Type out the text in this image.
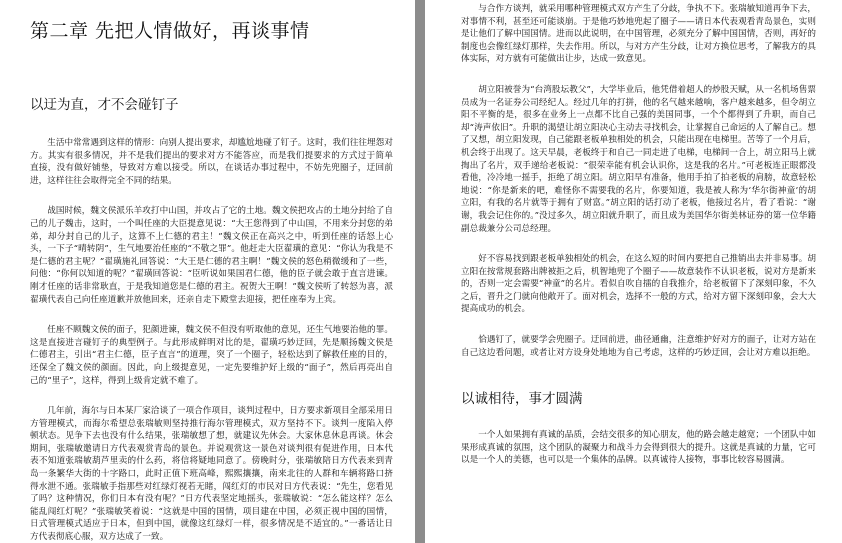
第二章 先把人情做好，再谈事情
以迂为直，才不会碰钉子

生活中常常遇到这样的情形：向别人提出要求，却尴尬地碰了钉子。这时，我们往往埋怨对方。其实有很多情况，并不是我们提出的要求对方不能答应，而是我们提要求的方式过于简单直接，没有做好铺垫，导致对方难以接受。所以，在谈话办事过程中，不妨先兜圈子，迂回前进，这样往往会取得完全不同的结果。

战国时候，魏文侯派乐羊攻打中山国，并攻占了它的土地。魏文侯把攻占的土地分封给了自己的儿子魏击，这时，一个叫任座的大臣提意见说：“大王您得到了中山国，不用来分封您的弟弟，却分封自己的儿子，这算不上仁德的君主！”魏文侯正在高兴之中，听到任座的话怒上心头，一下子“晴转阴”，生气地要治任座的“不敬之罪”。他赶走大臣翟璜的意见：“你认为我是不是仁德的君主呢？”翟璜施礼回答说：“大王是仁德的君主啊！”魏文侯的怒色稍微缓和了一些，问他：“你何以知道的呢？”翟璜回答说：“臣听说如果国君仁德，他的臣子就会敢于直言进谏。刚才任座的话非常耿直，于是我知道您是仁德的君主。祝贺大王啊！”魏文侯听了转怒为喜，派翟璜代表自己向任座道歉并放他回来，还亲自走下殿堂去迎接，把任座奉为上宾。

任座不顾魏文侯的面子，犯颜进谏，魏文侯不但没有听取他的意见，还生气地要治他的罪。这是直接进言碰钉子的典型例子。与此形成鲜明对比的是，翟璜巧妙迂回，先是顺扬魏文侯是仁德君主，引出“君主仁德，臣子直言”的道理，突了一个圈子，轻松达到了解救任座的目的，还保全了魏文侯的颜面。因此，向上级提意见，一定先要维护好上级的“面子”，然后再亮出自己的“里子”，这样，得到上级肯定就不难了。

几年前，海尔与日本某厂家洽谈了一项合作项目，谈判过程中，日方要求新项目全部采用日方管理模式，而海尔希望总张瑞敏则坚持推行海尔管理模式，双方坚持不下。谈判一度陷入停顿状态。见争下去也没有什么结果，张瑞敏想了想，就建议先休会。大家休息休息再谈。休会期间，张瑞敏邀请日方代表观赏青岛的景色。并说观赏这一景色对谈判很有促进作用，日本代表不知道张瑞敏葫芦里卖的什么药，将信将疑地同意了。傍晚时分，张瑞敏陪日方代表来到青岛一条繁华大街的十字路口，此时正值下班高峰，熙熙攘攘，南来北往的人群和车辆将路口挤得水泄不通。张瑞敏手指那些对红绿灯视若无睹，闯红灯的市民对日方代表说：“先生，您看见了吗？这种情况，你们日本有没有呢？”日方代表坚定地摇头，张瑞敏说：“怎么能这样？怎么能乱闯红灯呢？”张瑞敏笑着说：“这就是中国的国情，项目建在中国，必须正视中国的国情，日式管理模式适应于日本，但到中国，就像这红绿灯一样，很多情况是不适宜的。”一番话让日方代表彻底心服，双方达成了一致。

与合作方谈判，就采用哪种管理模式双方产生了分歧，争执不下。张瑞敏知道再争下去，对事情不利，甚至还可能谈崩。于是他巧妙地兜起了圈子——请日本代表观看青岛景色，实则是让他们了解中国国情。进而以此说明，在中国管理，必须充分了解中国国情，否则，再好的制度也会像红绿灯那样，失去作用。所以，与对方产生分歧，让对方换位思考，了解我方的具体实际，对方就有可能做出让步，达成一致意见。

胡立阳被誉为“台湾股坛教父”，大学毕业后，他凭借着超人的炒股天赋，从一名机场售票员成为一名证券公司经纪人。经过几年的打拼，他的名气越来越响，客户越来越多，但令胡立阳不平衡的是，很多在业务上一点都不比自己强的美国同事，一个个都得到了升职，而自己却“涛声依旧”。升职的渴望让胡立阳决心主动去寻找机会，让掌握自己命运的人了解自己。想了又想，胡立阳发现，自己能跟老板单独相处的机会，只能出现在电梯里。苦等了一个月后，机会终于出现了。这天早晨，老板终于和自己一同走进了电梯，电梯间一合上，胡立阳马上就掏出了名片，双手递给老板说：“很荣幸能有机会认识你，这是我的名片。”可老板连正眼都没看他，冷冷地一摇手，拒绝了胡立阳。胡立阳早有准备，他用手拍了拍老板的肩膀，故意轻松地说：“你是新来的吧，难怪你不需要我的名片，你要知道，我是被人称为‘华尔街神童’的胡立阳，有我的名片就等于拥有了财富。”胡立阳的话打动了老板，他接过名片，看了看说：“谢谢，我会记住你的。”没过多久，胡立阳就升职了，而且成为美国华尔街美林证券的第一位华籍副总裁兼分公司总经理。

好不容易找到跟老板单独相处的机会，在这么短的时间内要把自己推销出去并非易事。胡立阳在按常规套路出牌被拒之后，机智地兜了个圈子——故意装作不认识老板，说对方是新来的，否则一定会需要“神童”的名片。看似自吹自擂的自我推介，给老板留下了深刻印象，不久之后，晋升之门就向他敞开了。面对机会，选择不一般的方式，给对方留下深刻印象，会大大提高成功的机会。

恰遇钉了，就要学会兜圈子。迂回前进，曲径通幽，注意维护好对方的面子，让对方站在自己这边看问题，或者让对方设身处地地为自己考虑，这样的巧妙迂回，会让对方难以拒绝。

以诚相待，事才圆满

一个人如果拥有真诚的品质，会结交很多的知心朋友，他的路会越走越宽；一个团队中如果形成真诚的氛围，这个团队的凝聚力和战斗力会得到很大的提升。这就是真诚的力量，它可以是一个人的美德，也可以是一个集体的品牌。以真诚待人接物，事事比较容易圆满。
